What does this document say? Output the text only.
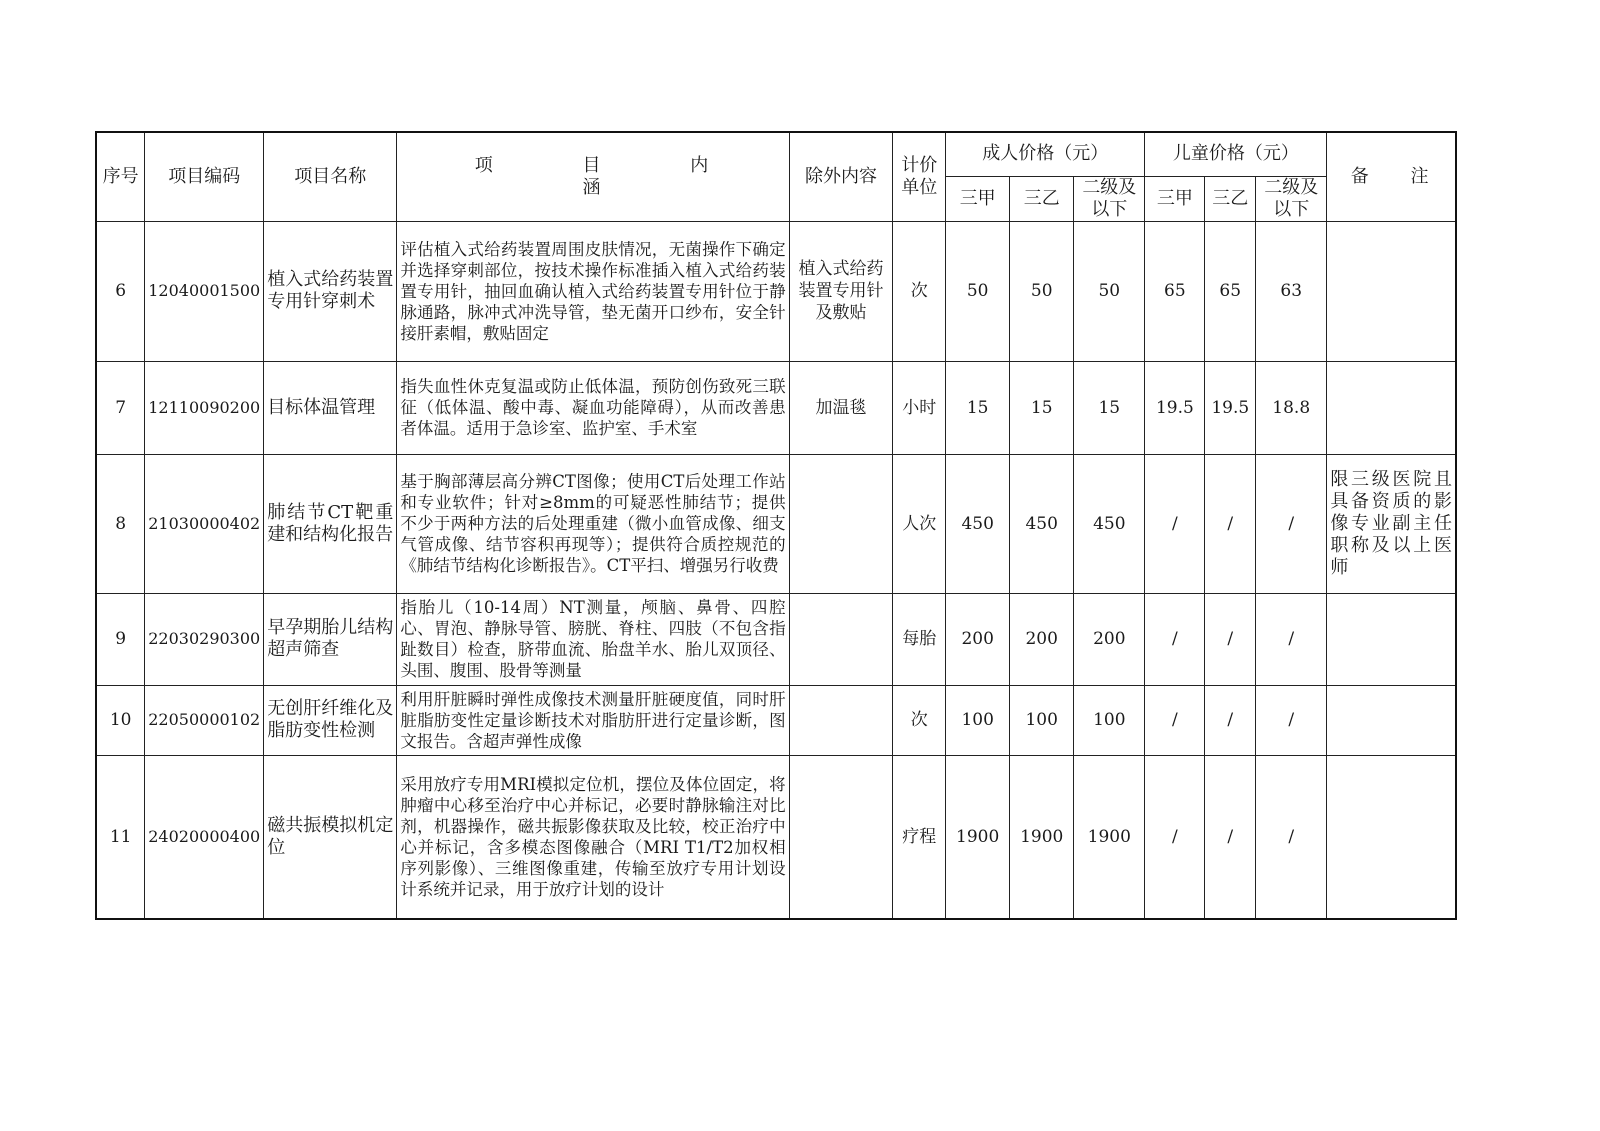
序号	项目编码	项目名称	项 目 内 涵	除外内容	计价单位	成人价格（元）			儿童价格（元）			备 注
						三甲	三乙	二级及以下	三甲	三乙	二级及以下	
6	12040001500	植入式给药装置专用针穿刺术	评估植入式给药装置周围皮肤情况，无菌操作下确定并选择穿刺部位，按技术操作标准插入植入式给药装置专用针，抽回血确认植入式给药装置专用针位于静脉通路，脉冲式冲洗导管，垫无菌开口纱布，安全针接肝素帽，敷贴固定	植入式给药装置专用针及敷贴	次	50	50	50	65	65	63	
7	12110090200	目标体温管理	指失血性休克复温或防止低体温，预防创伤致死三联征（低体温、酸中毒、凝血功能障碍），从而改善患者体温。适用于急诊室、监护室、手术室	加温毯	小时	15	15	15	19.5	19.5	18.8	
8	21030000402	肺结节CT靶重建和结构化报告	基于胸部薄层高分辨CT图像；使用CT后处理工作站和专业软件；针对≥8mm的可疑恶性肺结节；提供不少于两种方法的后处理重建（微小血管成像、细支气管成像、结节容积再现等）；提供符合质控规范的《肺结节结构化诊断报告》。CT平扫、增强另行收费		人次	450	450	450	/	/	/	限三级医院且具备资质的影像专业副主任职称及以上医师
9	22030290300	早孕期胎儿结构超声筛查	指胎儿（10-14周）NT测量，颅脑、鼻骨、四腔心、胃泡、静脉导管、膀胱、脊柱、四肢（不包含指趾数目）检查，脐带血流、胎盘羊水、胎儿双顶径、头围、腹围、股骨等测量		每胎	200	200	200	/	/	/	
10	22050000102	无创肝纤维化及脂肪变性检测	利用肝脏瞬时弹性成像技术测量肝脏硬度值，同时肝脏脂肪变性定量诊断技术对脂肪肝进行定量诊断，图文报告。含超声弹性成像		次	100	100	100	/	/	/	
11	24020000400	磁共振模拟机定位	采用放疗专用MRI模拟定位机，摆位及体位固定，将肿瘤中心移至治疗中心并标记，必要时静脉输注对比剂，机器操作，磁共振影像获取及比较，校正治疗中心并标记，含多模态图像融合（MRI T1/T2加权相序列影像）、三维图像重建，传输至放疗专用计划设计系统并记录，用于放疗计划的设计		疗程	1900	1900	1900	/	/	/	
